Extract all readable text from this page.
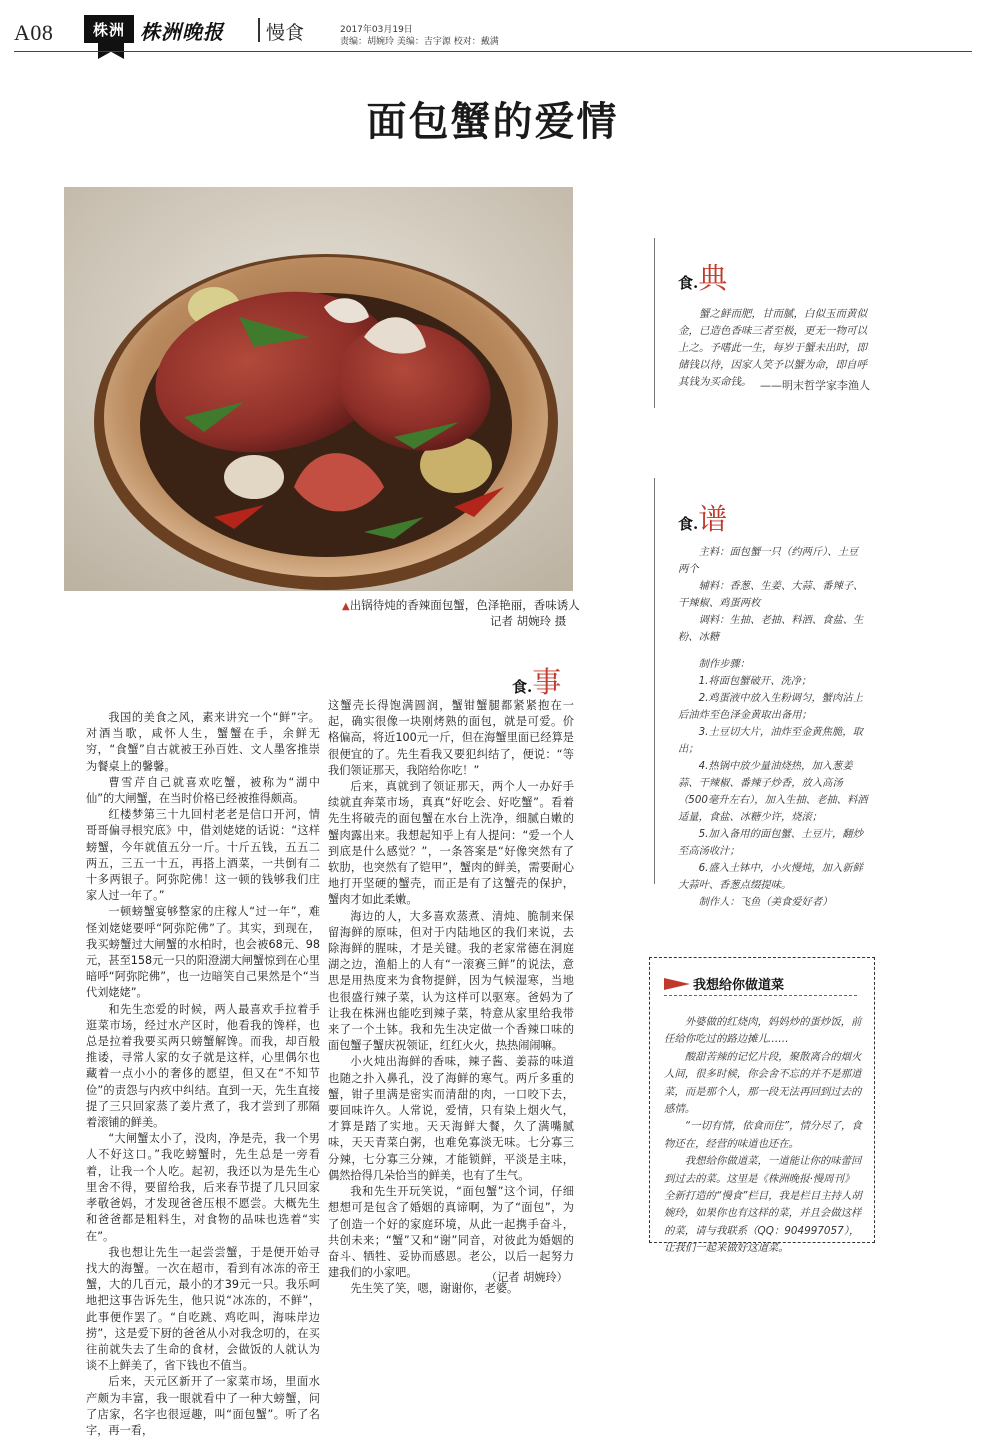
A08	株洲 株洲晚报 慢食	2017年03月19日
责编：胡婉玲 美编：吉宇源 校对：戴满
面包蟹的爱情
▲出锅待炖的香辣面包蟹，色泽艳丽，香味诱人
记者 胡婉玲 摄
食.典

蟹之鲜而肥，甘而腻，白似玉而黄似金，已造色香味三者至极，更无一物可以上之。予嗜此一生，每岁于蟹未出时，即储钱以待，因家人笑予以蟹为命，即自呼其钱为买命钱。 ——明末哲学家李渔人
食.谱

主料：面包蟹一只（约两斤）、土豆两个

辅料：香葱、生姜、大蒜、番辣子、干辣椒、鸡蛋两枚

调料：生抽、老抽、料酒、食盐、生粉、冰糖

制作步骤：

1.将面包蟹破开、洗净；

2.鸡蛋液中放入生粉调匀，蟹肉沾上后油炸至色泽金黄取出备用；

3.土豆切大片，油炸至金黄焦脆，取出；

4.热锅中放少量油烧热，加入葱姜蒜、干辣椒、番辣子炒香，放入高汤（500毫升左右），加入生抽、老抽、料酒适量，食盐、冰糖少许，烧滚；

5.加入备用的面包蟹、土豆片，翻炒至高汤收汁；

6.盛入土钵中，小火慢炖，加入新鲜大蒜叶、香葱点缀提味。

制作人：飞鱼（美食爱好者）

食.事

我国的美食之风，素来讲究一个“鲜”字。对酒当歌，咸怀人生，蟹蟹在手，余鲜无穷，“食蟹”自古就被王孙百姓、文人墨客推崇为餐桌上的馨馨。

曹雪芹自己就喜欢吃蟹，被称为“湖中仙”的大闸蟹，在当时价格已经被推得颇高。

红楼梦第三十九回村老老是信口开河，情哥哥偏寻根究底》中，借刘姥姥的话说：“这样螃蟹，今年就值五分一斤。十斤五钱，五五二两五，三五一十五，再搭上酒菜，一共倒有二十多两银子。阿弥陀佛！这一顿的钱够我们庄家人过一年了。”

一顿螃蟹宴够整家的庄稼人“过一年”，难怪刘姥姥要呼“阿弥陀佛”了。其实，到现在，我买螃蟹过大闸蟹的水柏时，也会被68元、98元，甚至158元一只的阳澄湖大闸蟹惊到在心里暗呼“阿弥陀佛”，也一边暗笑自己果然是个“当代刘姥姥”。

和先生恋爱的时候，两人最喜欢手拉着手逛菜市场，经过水产区时，他看我的馋样，也总是拉着我要买两只螃蟹解馋。而我，却百般推诿，寻常人家的女子就是这样，心里偶尔也藏着一点小小的奢侈的愿望，但又在“不知节俭”的责怨与内疚中纠结。直到一天，先生直接提了三只回家蒸了姜片煮了，我才尝到了那隔着滚铺的鲜美。

“大闸蟹太小了，没肉，净是壳，我一个男人不好这口。”我吃螃蟹时，先生总是一旁看着，让我一个人吃。起初，我还以为是先生心里舍不得，要留给我，后来春节提了几只回家孝敬爸妈，才发现爸爸压根不愿尝。大概先生和爸爸都是粗料生，对食物的品味也选着“实在”。

我也想让先生一起尝尝蟹，于是便开始寻找大的海蟹。一次在超市，看到有冰冻的帝王蟹，大的几百元，最小的才39元一只。我乐呵地把这事告诉先生，他只说“冰冻的，不鲜”，此事便作罢了。“自吃跳、鸡吃叫，海味岸边捞”，这是爱下厨的爸爸从小对我念叨的，在买往前就失去了生命的食材，会做饭的人就认为谈不上鲜美了，省下钱也不值当。

后来，天元区新开了一家菜市场，里面水产颇为丰富，我一眼就看中了一种大螃蟹，问了店家，名字也很逗趣，叫“面包蟹”。听了名字，再一看，

这蟹壳长得饱满圆润，蟹钳蟹腿都紧紧抱在一起，确实很像一块刚烤熟的面包，就是可爱。价格偏高，将近100元一斤，但在海蟹里面已经算是很便宜的了。先生看我又要犯纠结了，便说：“等我们领证那天，我陪给你吃！”

后来，真就到了领证那天，两个人一办好手续就直奔菜市场，真真“好吃会、好吃蟹”。看着先生将破壳的面包蟹在水台上洗净，细腻白嫩的蟹肉露出来。我想起知乎上有人提问：“爱一个人到底是什么感觉？”，一条答案是“好像突然有了软肋，也突然有了铠甲”，蟹肉的鲜美，需要耐心地打开坚硬的蟹壳，而正是有了这蟹壳的保护，蟹肉才如此柔嫩。

海边的人，大多喜欢蒸煮、清炖、脆制来保留海鲜的原味，但对于内陆地区的我们来说，去除海鲜的腥味，才是关键。我的老家常德在洞庭湖之边，渔船上的人有“一滚赛三鲜”的说法，意思是用热度来为食物提鲜，因为气候湿寒，当地也很盛行辣子菜，认为这样可以驱寒。爸妈为了让我在株洲也能吃到辣子菜，特意从家里给我带来了一个土钵。我和先生决定做一个香辣口味的面包蟹子蟹庆祝领证，红红火火，热热闹闹嘛。

小火炖出海鲜的香味，辣子酱、姜蒜的味道也随之扑入鼻孔，没了海鲜的寒气。两斤多重的蟹，钳子里满是密实而清甜的肉，一口咬下去，要回味许久。人常说，爱情，只有染上烟火气，才算是踏了实地。天天海鲜大餐，久了满嘴腻味，天天青菜白粥，也难免寡淡无味。七分寡三分辣，七分寡三分辣，才能锁鲜，平淡是主味，偶然拾得几朵恰当的鲜美，也有了生气。

我和先生开玩笑说，“面包蟹”这个词，仔细想想可是包含了婚姻的真谛啊，为了“面包”，为了创造一个好的家庭环境，从此一起携手奋斗，共创未来；“蟹”又和“谢”同音，对彼此为婚姻的奋斗、牺牲、妥协而感恩。老公，以后一起努力建我们的小家吧。

先生笑了笑，嗯，谢谢你，老婆。

（记者 胡婉玲）
我想给你做道菜

外婆做的红烧肉，妈妈炒的蛋炒饭，前任给你吃过的路边摊儿……

酸甜苦辣的记忆片段，聚散离合的烟火人间，很多时候，你会舍不忘的并不是那道菜，而是那个人，那一段无法再回到过去的感情。

“一切有情，依食而住”，情分尽了，食物还在，经营的味道也还在。

我想给你做道菜，一道能让你的味蕾回到过去的菜。这里是《株洲晚报·慢周刊》全新打造的“慢食”栏目，我是栏目主持人胡婉玲，如果你也有这样的菜，并且会做这样的菜，请与我联系（QQ：904997057），让我们一起来做好这道菜。
